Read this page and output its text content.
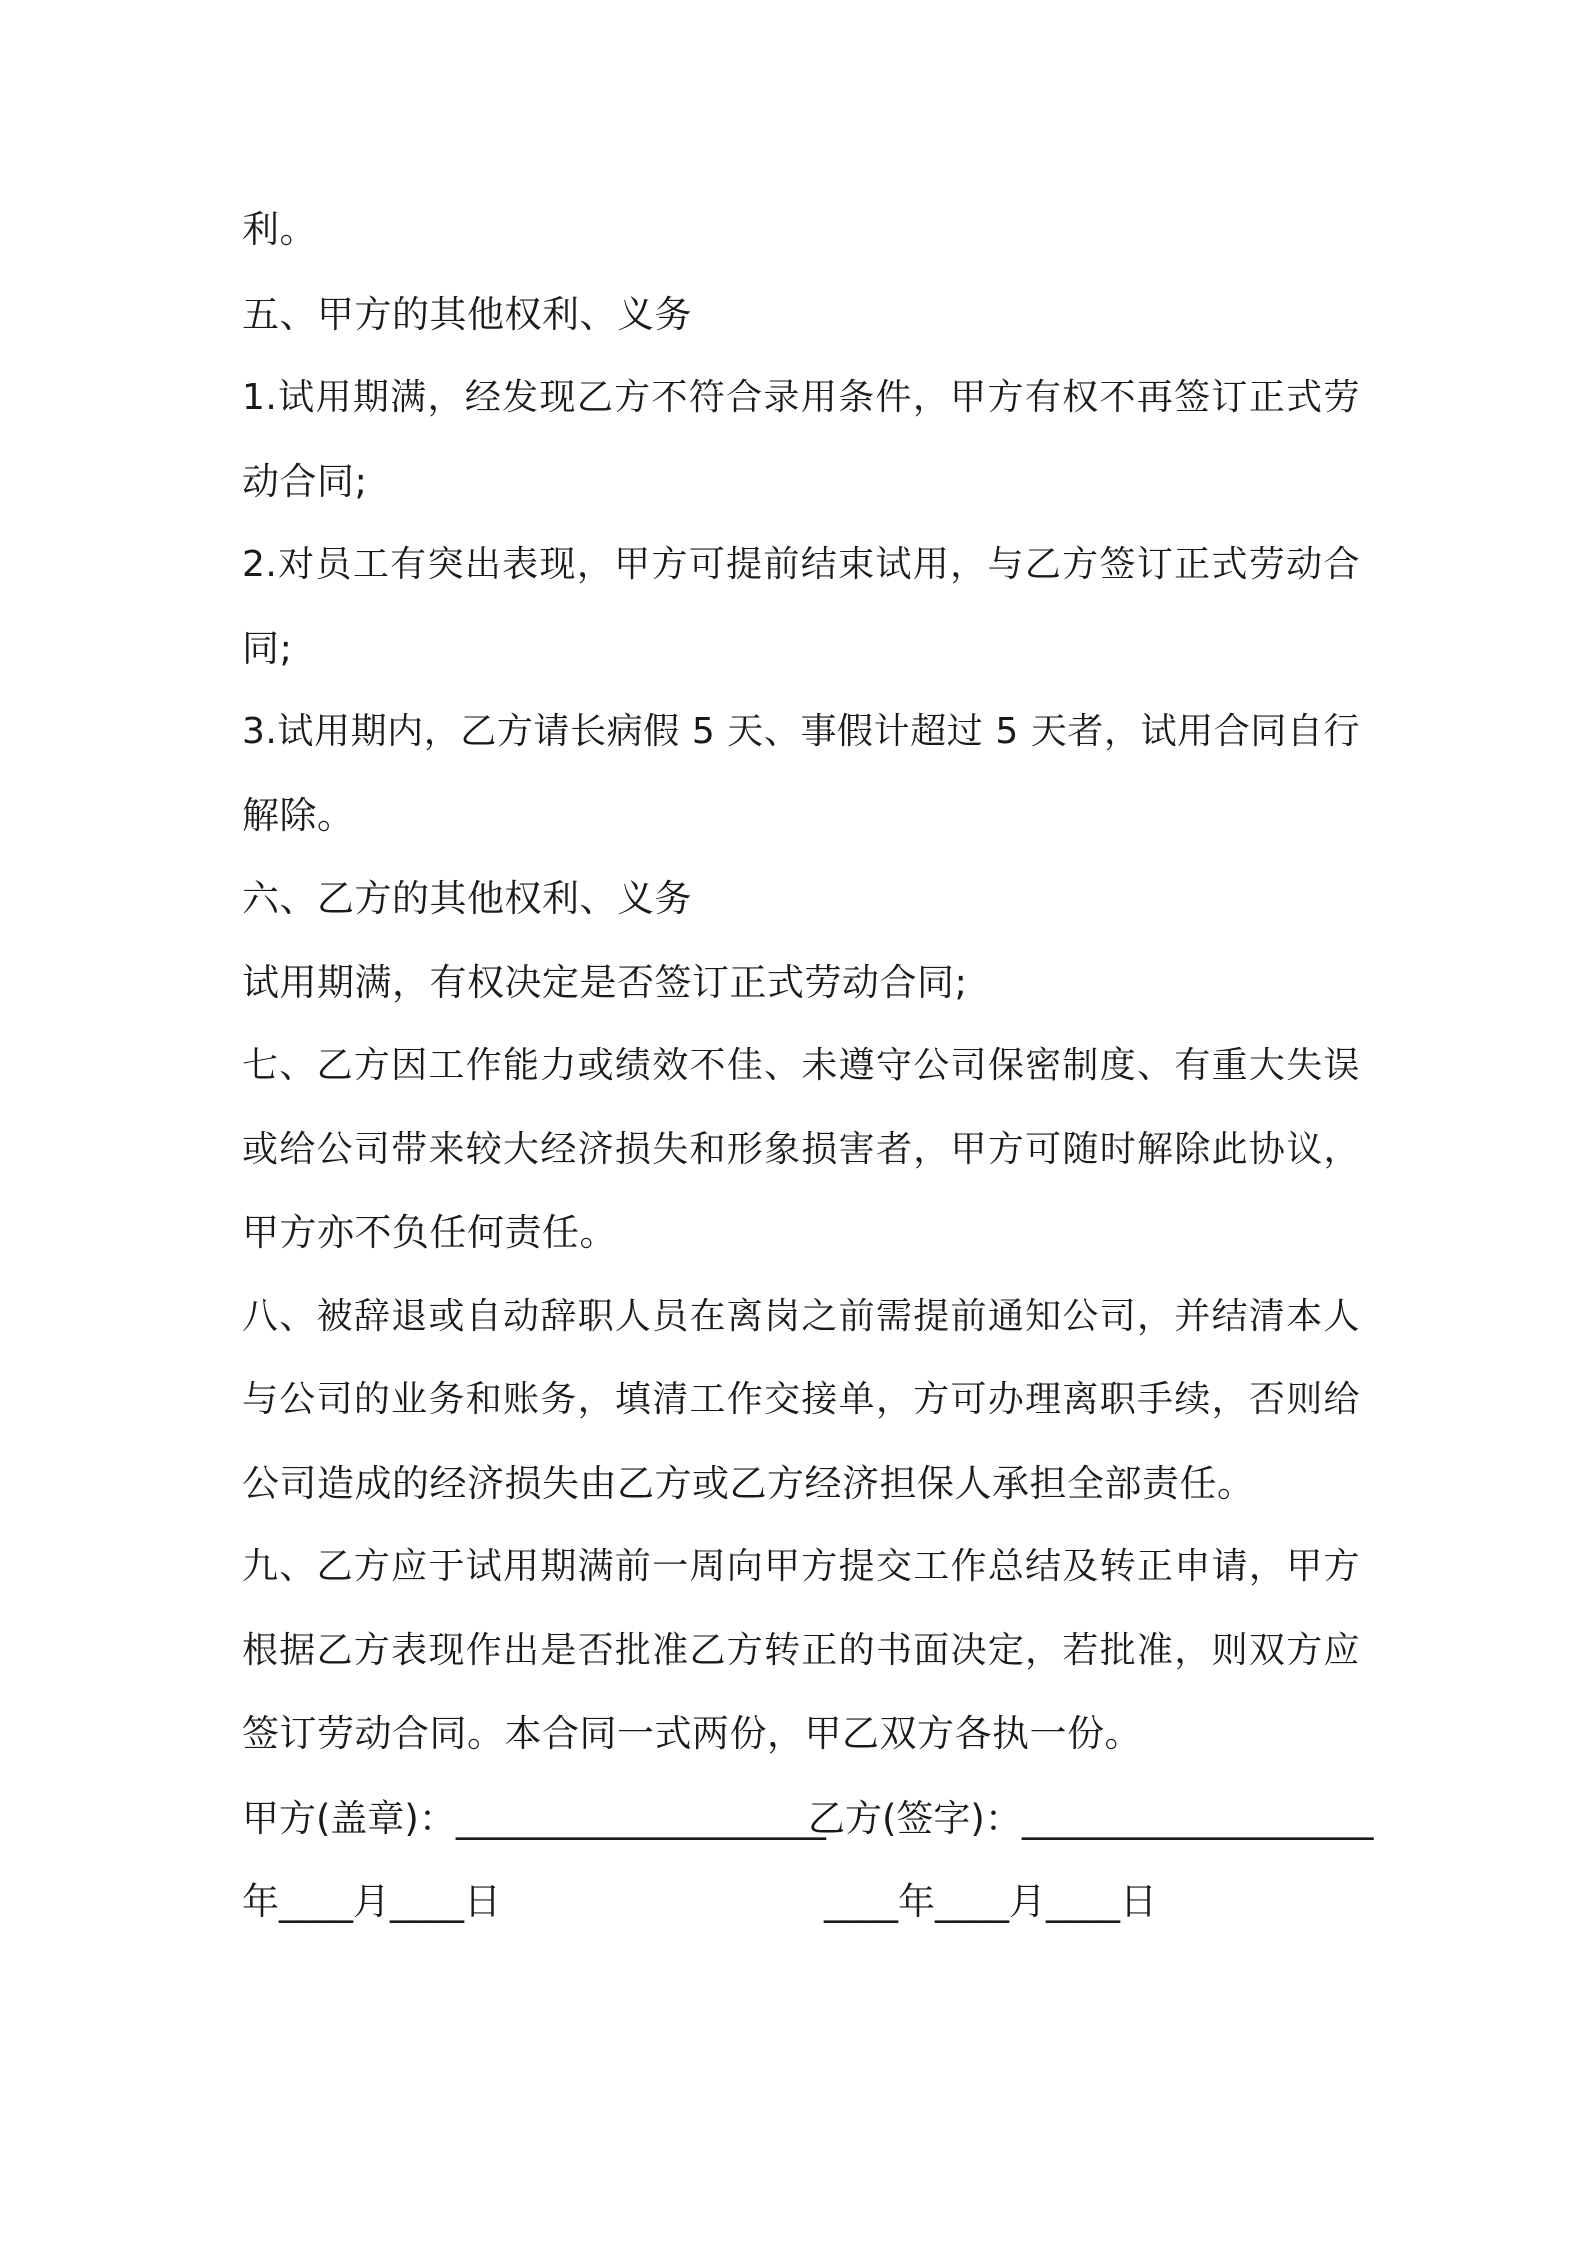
利。
五、甲方的其他权利、义务
1.试用期满，经发现乙方不符合录用条件，甲方有权不再签订正式劳
动合同;
2.对员工有突出表现，甲方可提前结束试用，与乙方签订正式劳动合
同;
3.试用期内，乙方请长病假 5 天、事假计超过 5 天者，试用合同自行
解除。
六、乙方的其他权利、义务
试用期满，有权决定是否签订正式劳动合同;
七、乙方因工作能力或绩效不佳、未遵守公司保密制度、有重大失误
或给公司带来较大经济损失和形象损害者，甲方可随时解除此协议，
甲方亦不负任何责任。
八、被辞退或自动辞职人员在离岗之前需提前通知公司，并结清本人
与公司的业务和账务，填清工作交接单，方可办理离职手续，否则给
公司造成的经济损失由乙方或乙方经济担保人承担全部责任。
九、乙方应于试用期满前一周向甲方提交工作总结及转正申请，甲方
根据乙方表现作出是否批准乙方转正的书面决定，若批准，则双方应
签订劳动合同。本合同一式两份，甲乙双方各执一份。
甲方(盖章)：____________________
乙方(签字)：___________________
年____月____日	____年____月____日
